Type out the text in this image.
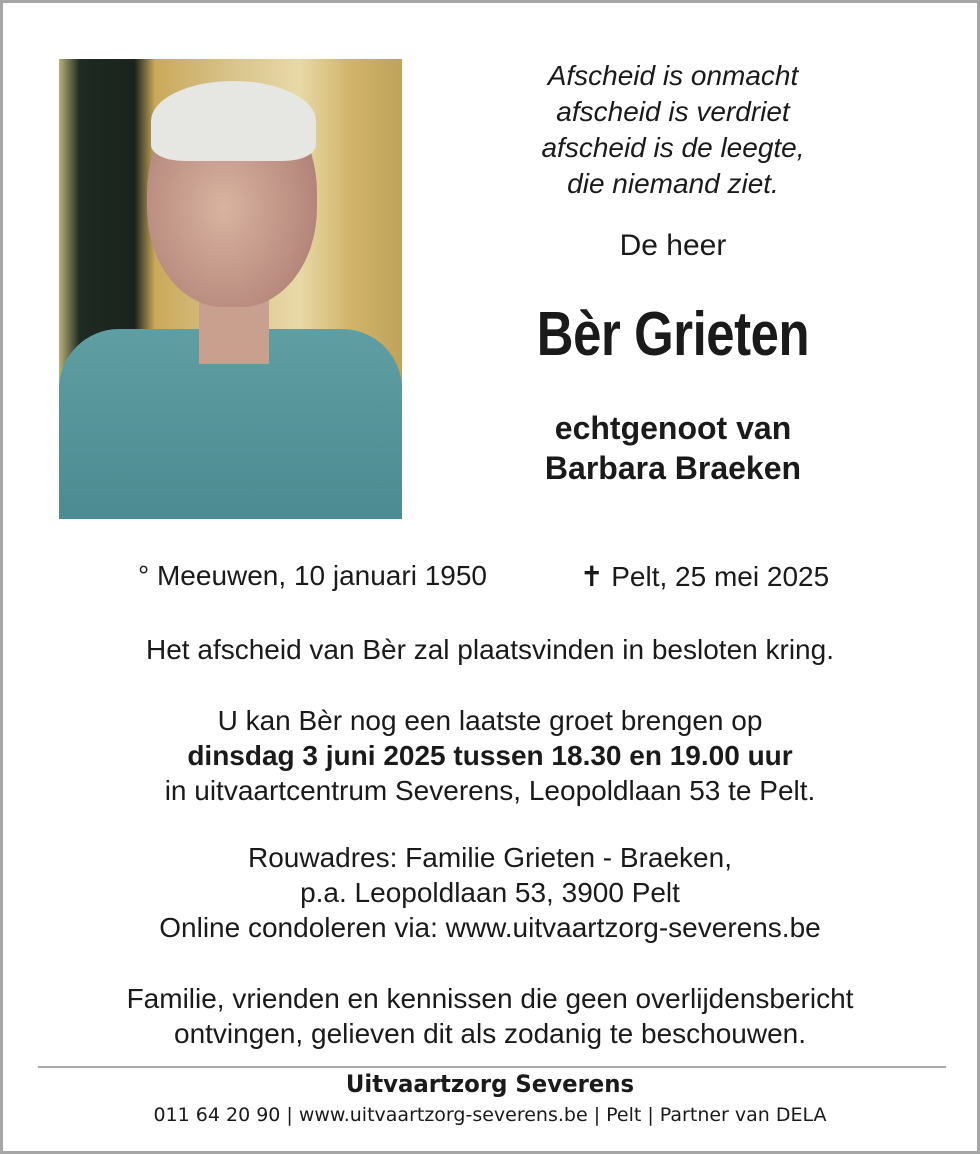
Afscheid is onmacht
afscheid is verdriet
afscheid is de leegte,
die niemand ziet.
De heer
Bèr Grieten
echtgenoot van
Barbara Braeken
° Meeuwen, 10 januari 1950	✝ Pelt, 25 mei 2025
Het afscheid van Bèr zal plaatsvinden in besloten kring.
U kan Bèr nog een laatste groet brengen op
dinsdag 3 juni 2025 tussen 18.30 en 19.00 uur
in uitvaartcentrum Severens, Leopoldlaan 53 te Pelt.
Rouwadres: Familie Grieten - Braeken,
p.a. Leopoldlaan 53, 3900 Pelt
Online condoleren via: www.uitvaartzorg-severens.be
Familie, vrienden en kennissen die geen overlijdensbericht
ontvingen, gelieven dit als zodanig te beschouwen.
Uitvaartzorg Severens
011 64 20 90 | www.uitvaartzorg-severens.be | Pelt | Partner van DELA
